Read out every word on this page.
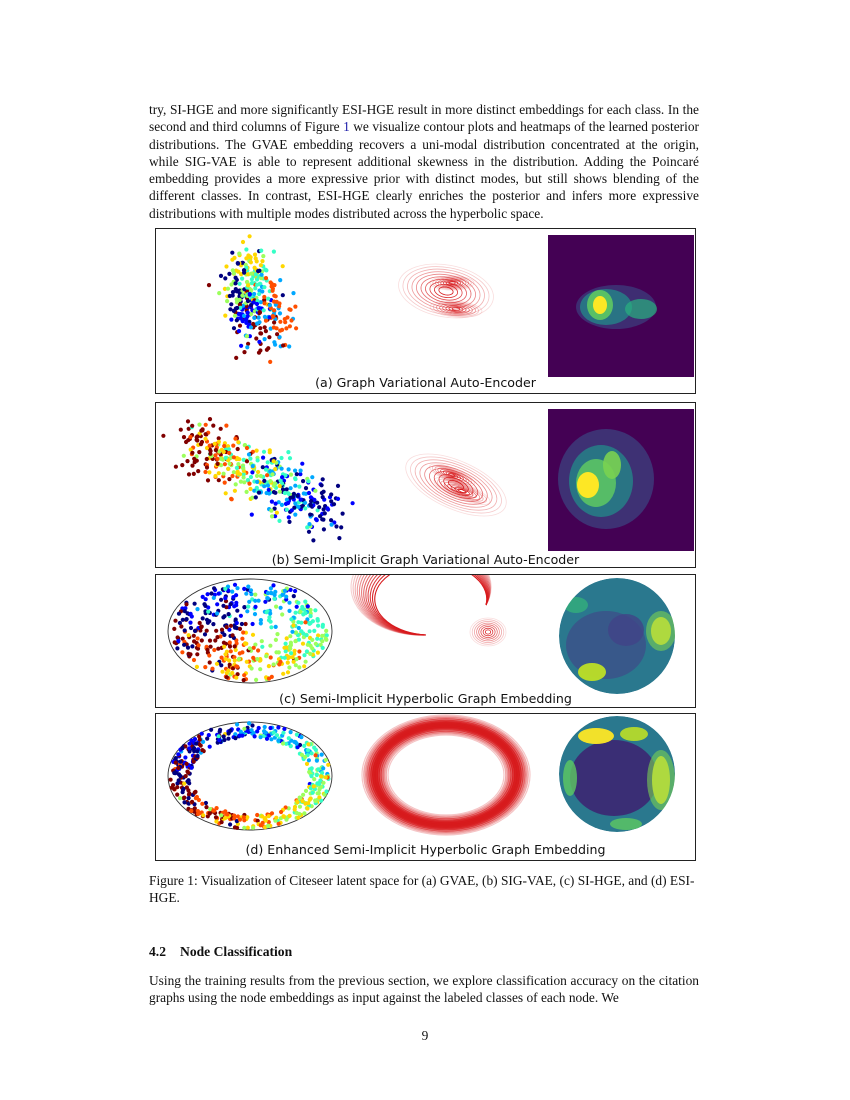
try, SI-HGE and more significantly ESI-HGE result in more distinct embeddings for each class. In the second and third columns of Figure 1 we visualize contour plots and heatmaps of the learned posterior distributions. The GVAE embedding recovers a uni-modal distribution concentrated at the origin, while SIG-VAE is able to represent additional skewness in the distribution. Adding the Poincaré embedding provides a more expressive prior with distinct modes, but still shows blending of the different classes. In contrast, ESI-HGE clearly enriches the posterior and infers more expressive distributions with multiple modes distributed across the hyperbolic space.

(a) Graph Variational Auto-Encoder
(b) Semi-Implicit Graph Variational Auto-Encoder
(c) Semi-Implicit Hyperbolic Graph Embedding
(d) Enhanced Semi-Implicit Hyperbolic Graph Embedding

Figure 1: Visualization of Citeseer latent space for (a) GVAE, (b) SIG-VAE, (c) SI-HGE, and (d) ESI-HGE.

4.2 Node Classification

Using the training results from the previous section, we explore classification accuracy on the citation graphs using the node embeddings as input against the labeled classes of each node. We

9
